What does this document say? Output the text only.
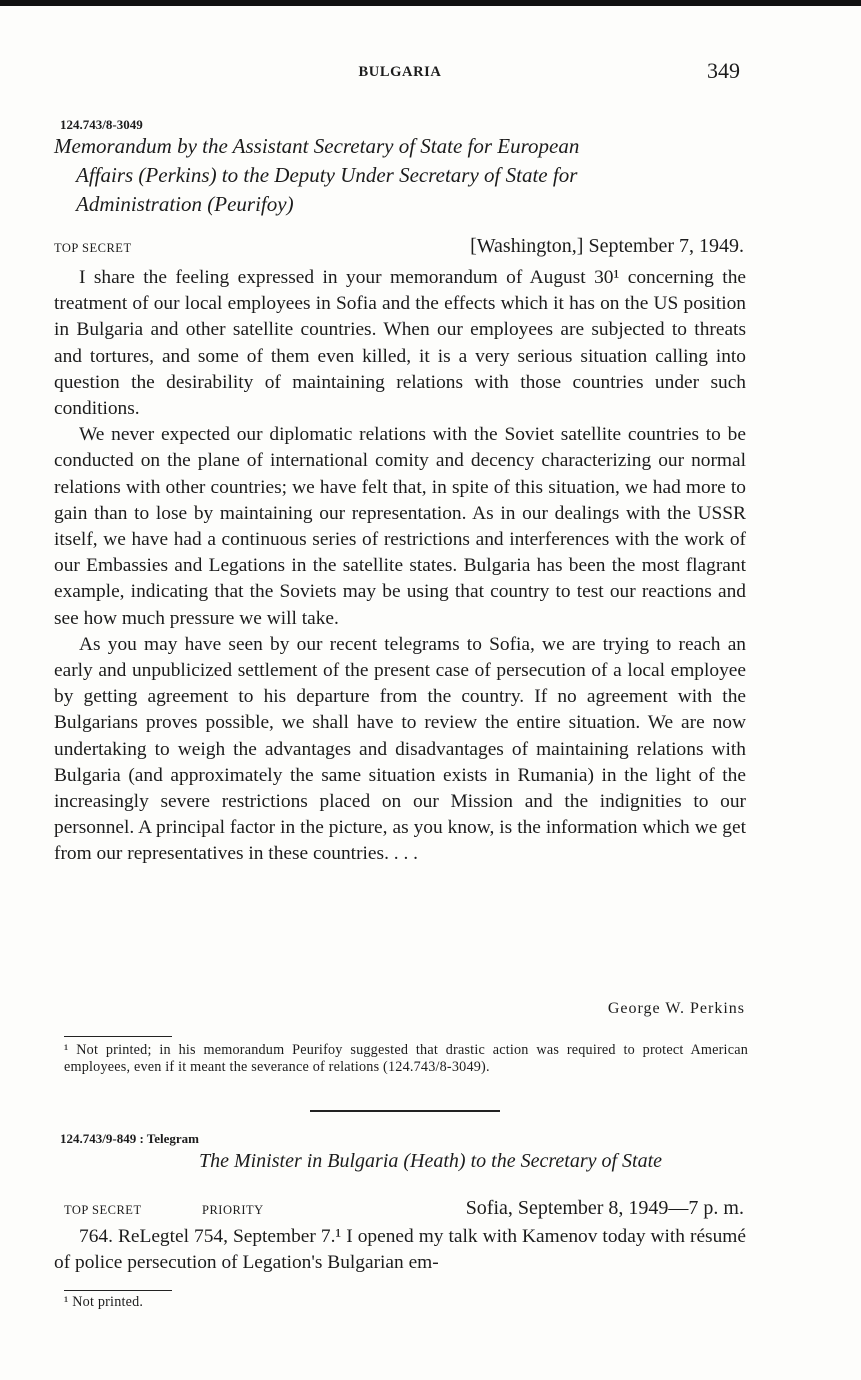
BULGARIA	349
124.743/8-3049
Memorandum by the Assistant Secretary of State for European
Affairs (Perkins) to the Deputy Under Secretary of State for
Administration (Peurifoy)
TOP SECRET	[Washington,] September 7, 1949.

I share the feeling expressed in your memorandum of August 30¹ concerning the treatment of our local employees in Sofia and the effects which it has on the US position in Bulgaria and other satellite countries. When our employees are subjected to threats and tortures, and some of them even killed, it is a very serious situation calling into question the desirability of maintaining relations with those countries under such conditions.

We never expected our diplomatic relations with the Soviet satellite countries to be conducted on the plane of international comity and decency characterizing our normal relations with other countries; we have felt that, in spite of this situation, we had more to gain than to lose by maintaining our representation. As in our dealings with the USSR itself, we have had a continuous series of restrictions and interferences with the work of our Embassies and Legations in the satellite states. Bulgaria has been the most flagrant example, indicating that the Soviets may be using that country to test our reactions and see how much pressure we will take.

As you may have seen by our recent telegrams to Sofia, we are trying to reach an early and unpublicized settlement of the present case of persecution of a local employee by getting agreement to his departure from the country. If no agreement with the Bulgarians proves possible, we shall have to review the entire situation. We are now undertaking to weigh the advantages and disadvantages of maintaining relations with Bulgaria (and approximately the same situation exists in Rumania) in the light of the increasingly severe restrictions placed on our Mission and the indignities to our personnel. A principal factor in the picture, as you know, is the information which we get from our representatives in these countries. . . .

George W. Perkins
¹ Not printed; in his memorandum Peurifoy suggested that drastic action was required to protect American employees, even if it meant the severance of relations (124.743/8-3049).
124.743/9-849 : Telegram
The Minister in Bulgaria (Heath) to the Secretary of State
TOP SECRET	PRIORITY	Sofia, September 8, 1949—7 p. m.

764. ReLegtel 754, September 7.¹ I opened my talk with Kamenov today with résumé of police persecution of Legation's Bulgarian em-

¹ Not printed.
